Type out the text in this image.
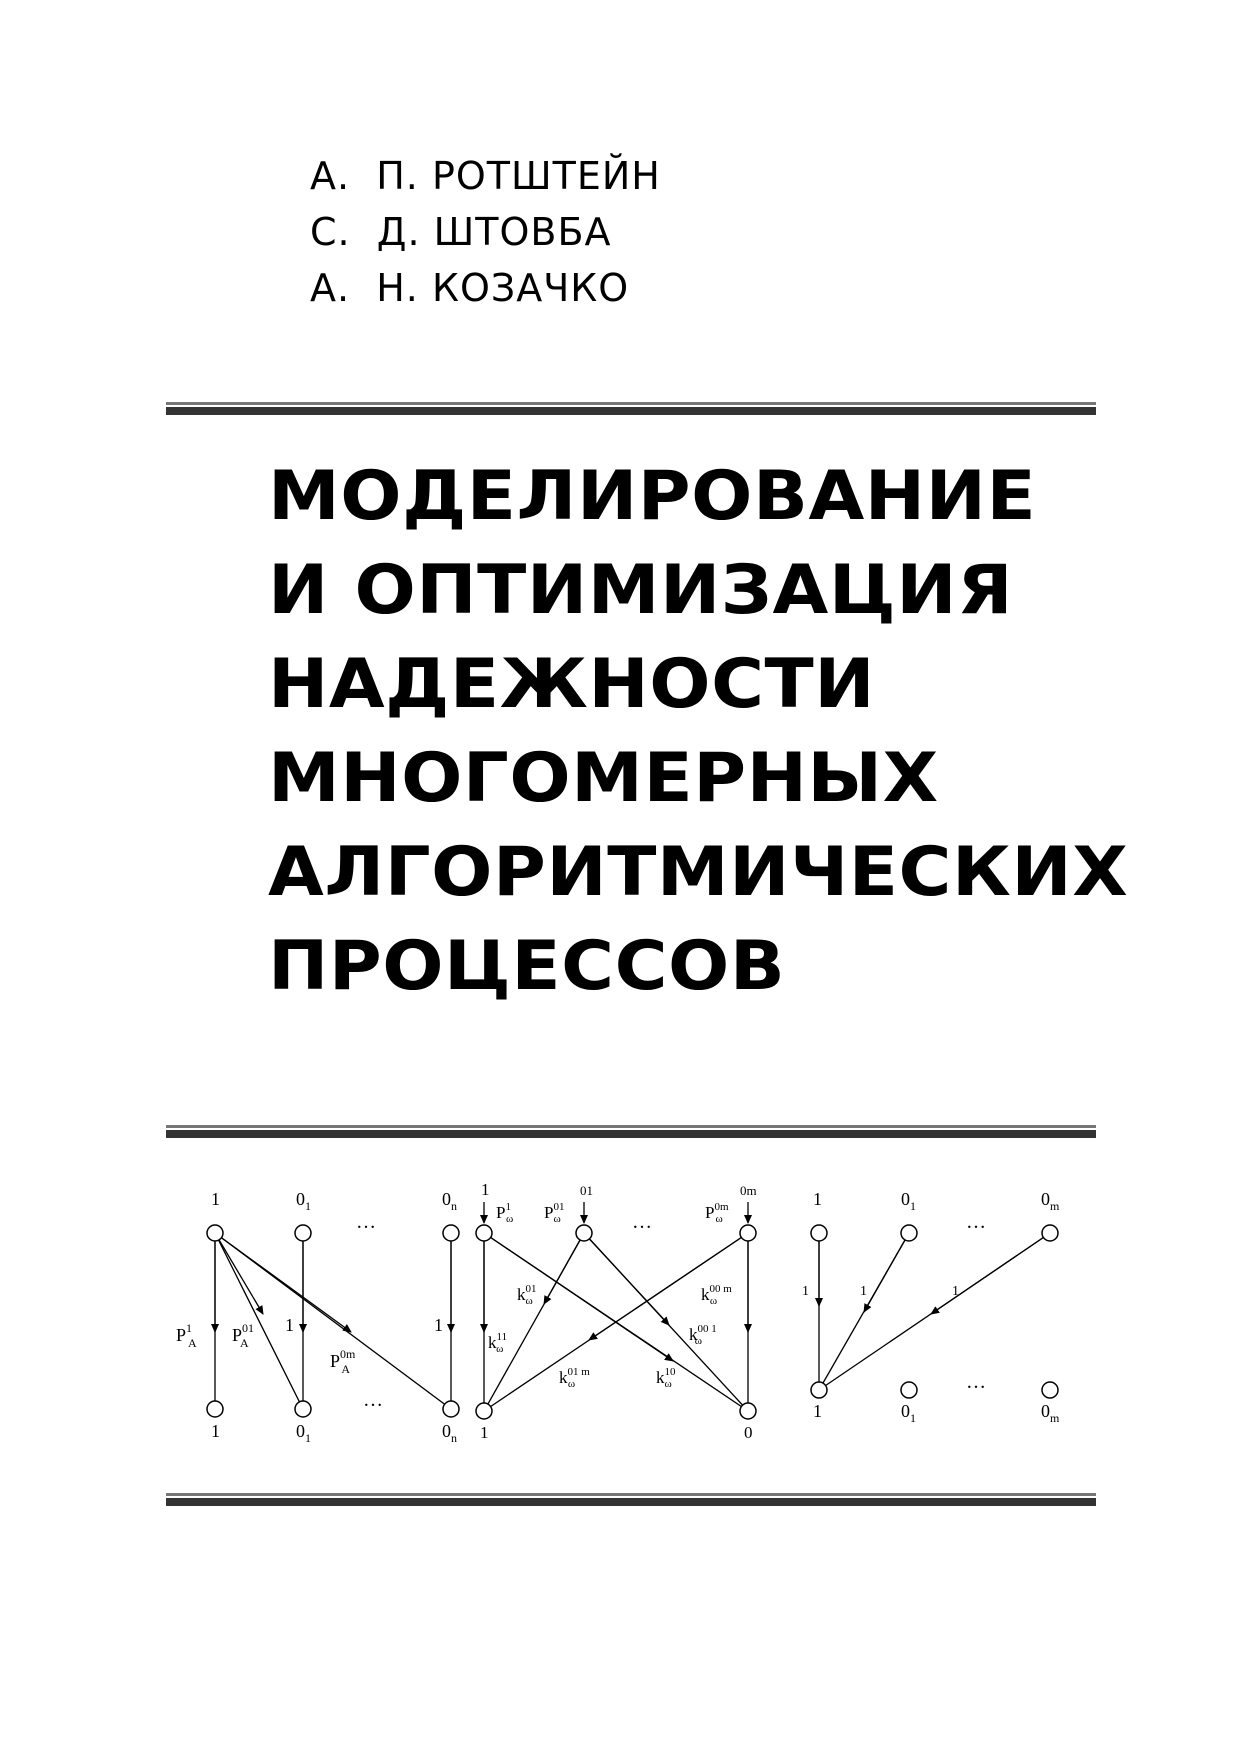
А.  П. РОТШТЕЙН
С.  Д. ШТОВБА
А.  Н. КОЗАЧКО
МОДЕЛИРОВАНИЕ
И ОПТИМИЗАЦИЯ
НАДЕЖНОСТИ
МНОГОМЕРНЫХ
АЛГОРИТМИЧЕСКИХ
ПРОЦЕССОВ
1	$0_1$	$0_n$
…
$P^1$ A $P^{01}$ A
1
$P^{0m}$ A
1
…
1	$0_1$	$0_n$
1	01	0m
$P^1$ ω $P^{01}$ ω	$P^{0m}$ ω
…
$k^{01}$ ω	$k^{00 m}$ ω
$k^{11}$ ω
$k^{00 1}$ ω
$k^{01 m}$ ω	$k^{10}$ ω
1	0
1	$0_1$	$0_m$
…
1	1	1
…
1	$0_1$	$0_m$
